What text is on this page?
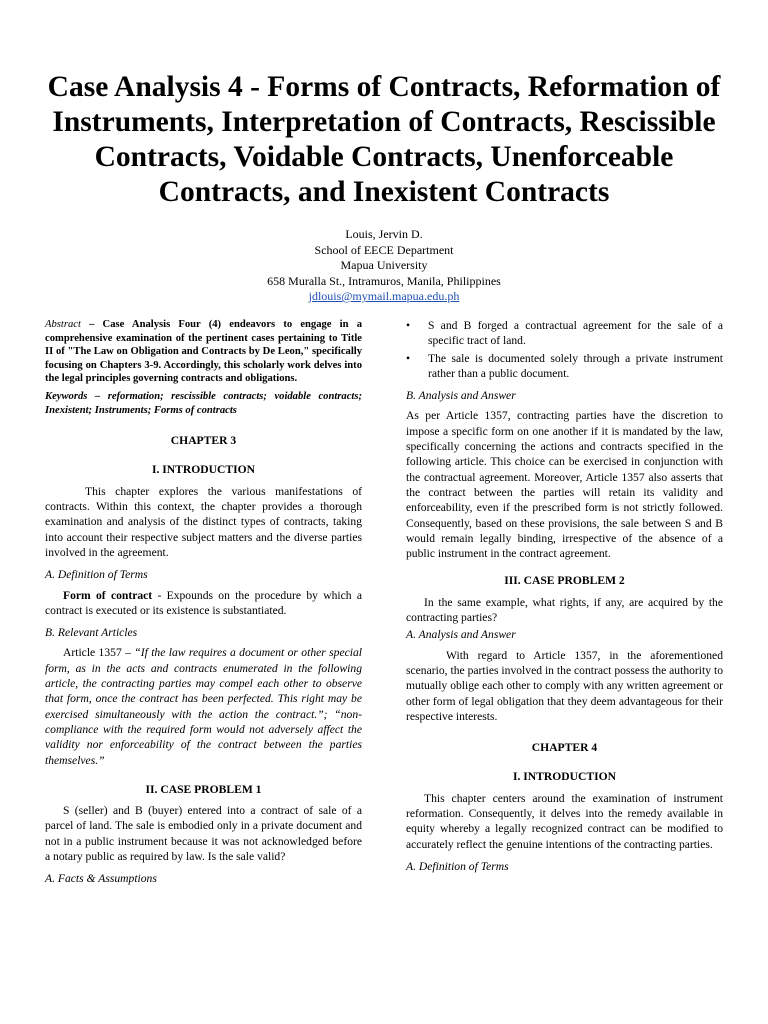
Case Analysis 4 - Forms of Contracts, Reformation of Instruments, Interpretation of Contracts, Rescissible Contracts, Voidable Contracts, Unenforceable Contracts, and Inexistent Contracts
Louis, Jervin D.
School of EECE Department
Mapua University
658 Muralla St., Intramuros, Manila, Philippines
jdlouis@mymail.mapua.edu.ph

Abstract – Case Analysis Four (4) endeavors to engage in a comprehensive examination of the pertinent cases pertaining to Title II of "The Law on Obligation and Contracts by De Leon," specifically focusing on Chapters 3-9. Accordingly, this scholarly work delves into the legal principles governing contracts and obligations.

Keywords – reformation; rescissible contracts; voidable contracts; Inexistent; Instruments; Forms of contracts

CHAPTER 3
I. INTRODUCTION

This chapter explores the various manifestations of contracts. Within this context, the chapter provides a thorough examination and analysis of the distinct types of contracts, taking into account their respective subject matters and the diverse parties involved in the agreement.

A. Definition of Terms

Form of contract - Expounds on the procedure by which a contract is executed or its existence is substantiated.

B. Relevant Articles

Article 1357 – “If the law requires a document or other special form, as in the acts and contracts enumerated in the following article, the contracting parties may compel each other to observe that form, once the contract has been perfected. This right may be exercised simultaneously with the action the contract.”; “non-compliance with the required form would not adversely affect the validity nor enforceability of the contract between the parties themselves.”

II. CASE PROBLEM 1

S (seller) and B (buyer) entered into a contract of sale of a parcel of land. The sale is embodied only in a private document and not in a public instrument because it was not acknowledged before a notary public as required by law. Is the sale valid?

A. Facts & Assumptions
• S and B forged a contractual agreement for the sale of a specific tract of land.
• The sale is documented solely through a private instrument rather than a public document.
B. Analysis and Answer

As per Article 1357, contracting parties have the discretion to impose a specific form on one another if it is mandated by the law, specifically concerning the actions and contracts specified in the following article. This choice can be exercised in conjunction with the contractual agreement. Moreover, Article 1357 also asserts that the contract between the parties will retain its validity and enforceability, even if the prescribed form is not strictly followed. Consequently, based on these provisions, the sale between S and B would remain legally binding, irrespective of the absence of a public instrument in the contract agreement.

III. CASE PROBLEM 2

In the same example, what rights, if any, are acquired by the contracting parties?

A. Analysis and Answer

With regard to Article 1357, in the aforementioned scenario, the parties involved in the contract possess the authority to mutually oblige each other to comply with any written agreement or other form of legal obligation that they deem advantageous for their respective interests.

CHAPTER 4
I. INTRODUCTION

This chapter centers around the examination of instrument reformation. Consequently, it delves into the remedy available in equity whereby a legally recognized contract can be modified to accurately reflect the genuine intentions of the contracting parties.

A. Definition of Terms
